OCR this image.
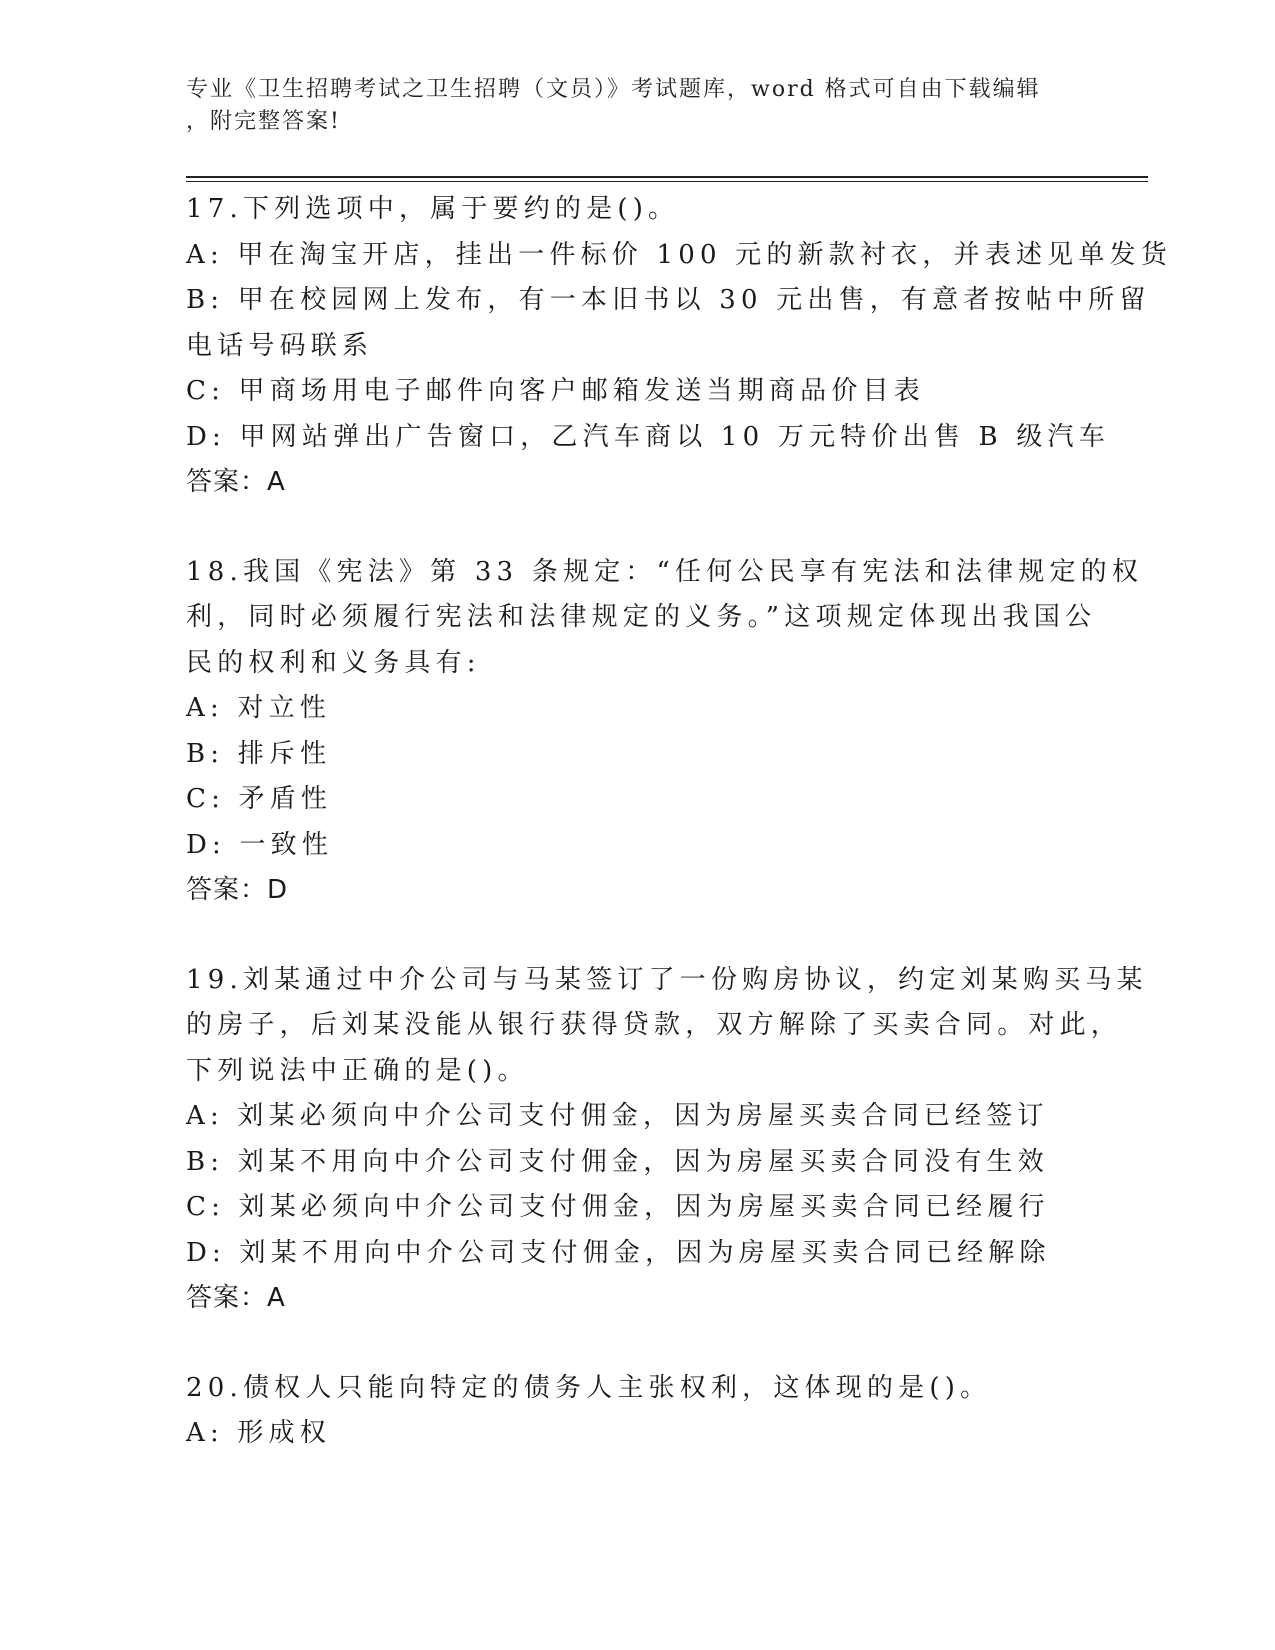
专业《卫生招聘考试之卫生招聘（文员）》考试题库，word 格式可自由下载编辑
，附完整答案!
17.下列选项中，属于要约的是()。
A: 甲在淘宝开店，挂出一件标价 100 元的新款衬衣，并表述见单发货
B: 甲在校园网上发布，有一本旧书以 30 元出售，有意者按帖中所留
电话号码联系
C: 甲商场用电子邮件向客户邮箱发送当期商品价目表
D: 甲网站弹出广告窗口，乙汽车商以 10 万元特价出售 B 级汽车
答案：A
18.我国《宪法》第 33 条规定：“任何公民享有宪法和法律规定的权
利，同时必须履行宪法和法律规定的义务。”这项规定体现出我国公
民的权利和义务具有:
A: 对立性
B: 排斥性
C: 矛盾性
D: 一致性
答案：D
19.刘某通过中介公司与马某签订了一份购房协议，约定刘某购买马某
的房子，后刘某没能从银行获得贷款，双方解除了买卖合同。对此，
下列说法中正确的是()。
A: 刘某必须向中介公司支付佣金，因为房屋买卖合同已经签订
B: 刘某不用向中介公司支付佣金，因为房屋买卖合同没有生效
C: 刘某必须向中介公司支付佣金，因为房屋买卖合同已经履行
D: 刘某不用向中介公司支付佣金，因为房屋买卖合同已经解除
答案：A
20.债权人只能向特定的债务人主张权利，这体现的是()。
A: 形成权
